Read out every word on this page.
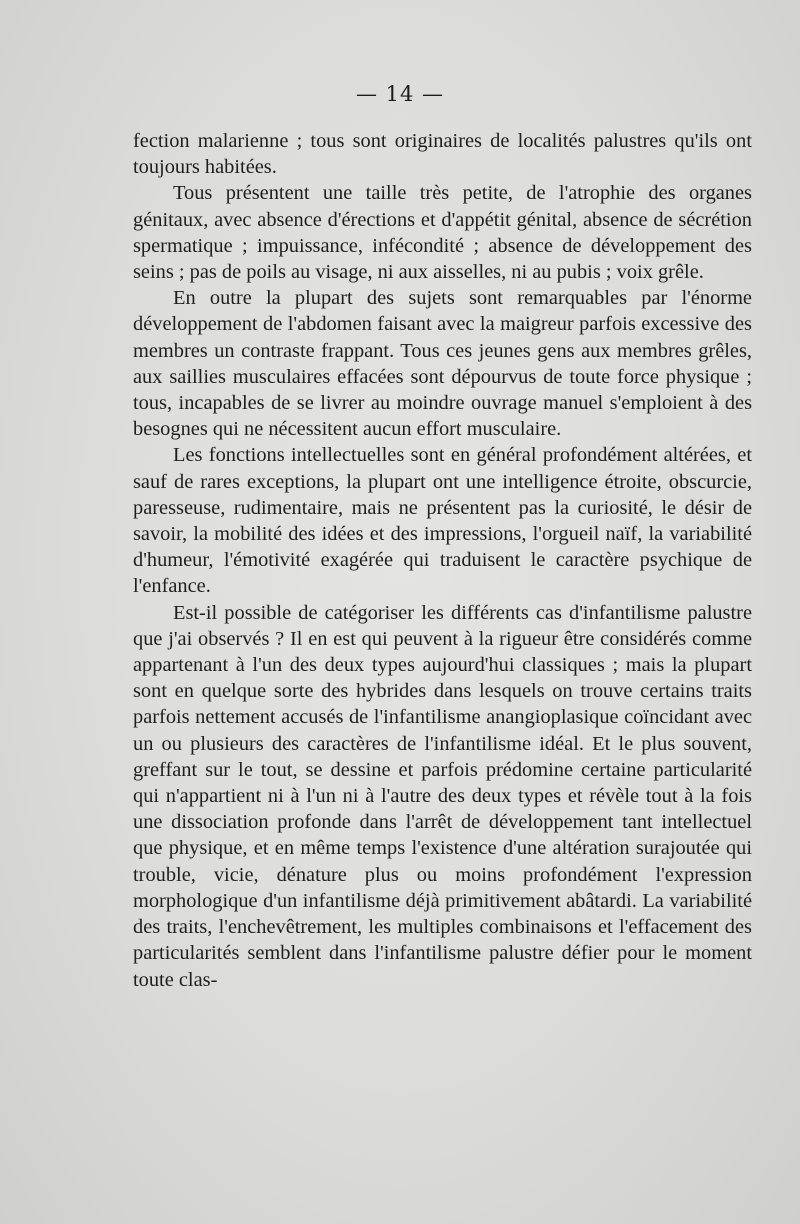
— 14 —

fection malarienne ; tous sont originaires de localités palustres qu'ils ont toujours habitées.

Tous présentent une taille très petite, de l'atrophie des organes génitaux, avec absence d'érections et d'appétit génital, absence de sécrétion spermatique ; impuissance, infécondité ; absence de développement des seins ; pas de poils au visage, ni aux aisselles, ni au pubis ; voix grêle.

En outre la plupart des sujets sont remarquables par l'énorme développement de l'abdomen faisant avec la maigreur parfois excessive des membres un contraste frappant. Tous ces jeunes gens aux membres grêles, aux saillies musculaires effacées sont dépourvus de toute force physique ; tous, incapables de se livrer au moindre ouvrage manuel s'emploient à des besognes qui ne nécessitent aucun effort musculaire.

Les fonctions intellectuelles sont en général profondément altérées, et sauf de rares exceptions, la plupart ont une intelligence étroite, obscurcie, paresseuse, rudimentaire, mais ne présentent pas la curiosité, le désir de savoir, la mobilité des idées et des impressions, l'orgueil naïf, la variabilité d'humeur, l'émotivité exagérée qui traduisent le caractère psychique de l'enfance.

Est-il possible de catégoriser les différents cas d'infantilisme palustre que j'ai observés ? Il en est qui peuvent à la rigueur être considérés comme appartenant à l'un des deux types aujourd'hui classiques ; mais la plupart sont en quelque sorte des hybrides dans lesquels on trouve certains traits parfois nettement accusés de l'infantilisme anangioplasique coïncidant avec un ou plusieurs des caractères de l'infantilisme idéal. Et le plus souvent, greffant sur le tout, se dessine et parfois prédomine certaine particularité qui n'appartient ni à l'un ni à l'autre des deux types et révèle tout à la fois une dissociation profonde dans l'arrêt de développement tant intellectuel que physique, et en même temps l'existence d'une altération surajoutée qui trouble, vicie, dénature plus ou moins profondément l'expression morphologique d'un infantilisme déjà primitivement abâtardi. La variabilité des traits, l'enchevêtrement, les multiples combinaisons et l'effacement des particularités semblent dans l'infantilisme palustre défier pour le moment toute clas-
